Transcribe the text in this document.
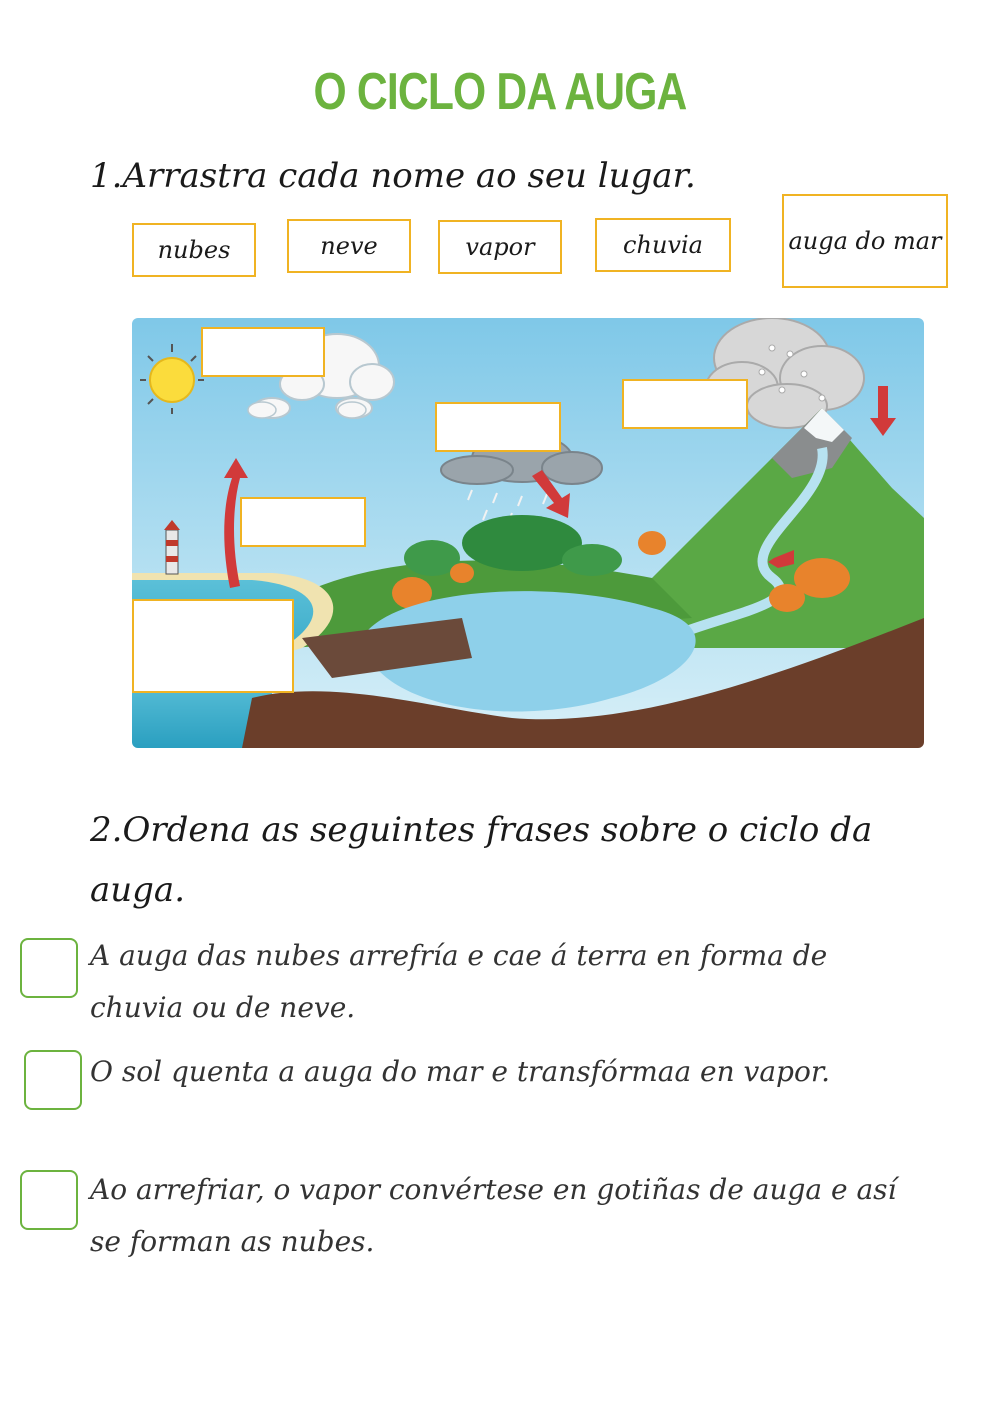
O CICLO DA AUGA
1.Arrastra cada nome ao seu lugar.
nubes	neve	vapor	chuvia	auga do mar
2.Ordena as seguintes frases sobre o ciclo da auga.
A auga das nubes arrefría e cae á terra en forma de chuvia ou de neve.
O sol quenta a auga do mar e transfórmaa en vapor.
Ao arrefriar, o vapor convértese en gotiñas de auga e así se forman as nubes.
